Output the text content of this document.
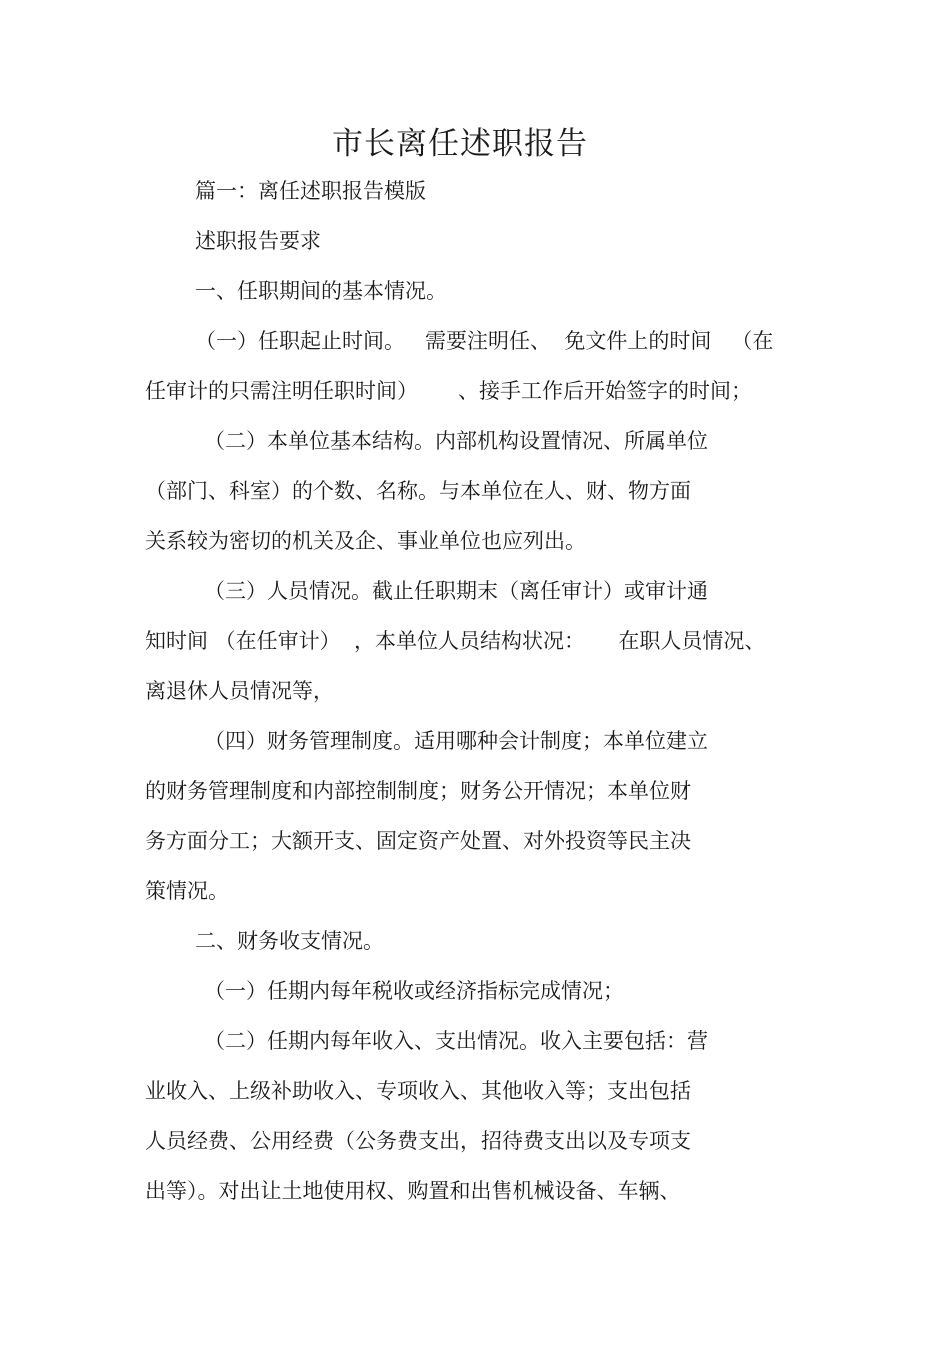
市长离任述职报告

篇一：离任述职报告模版

述职报告要求

一、任职期间的基本情况。

（一）任职起止时间。   需要注明任、  免文件上的时间   （在

任审计的只需注明任职时间）      、接手工作后开始签字的时间；

（二）本单位基本结构。内部机构设置情况、所属单位

（部门、科室）的个数、名称。与本单位在人、财、物方面

关系较为密切的机关及企、事业单位也应列出。

（三）人员情况。截止任职期末（离任审计）或审计通

知时间 （在任审计）  ，本单位人员结构状况：     在职人员情况、

离退休人员情况等，

（四）财务管理制度。适用哪种会计制度；本单位建立

的财务管理制度和内部控制制度；财务公开情况；本单位财

务方面分工；大额开支、固定资产处置、对外投资等民主决

策情况。

二、财务收支情况。

（一）任期内每年税收或经济指标完成情况；

（二）任期内每年收入、支出情况。收入主要包括：营

业收入、上级补助收入、专项收入、其他收入等；支出包括

人员经费、公用经费（公务费支出，招待费支出以及专项支

出等）。对出让土地使用权、购置和出售机械设备、车辆、
